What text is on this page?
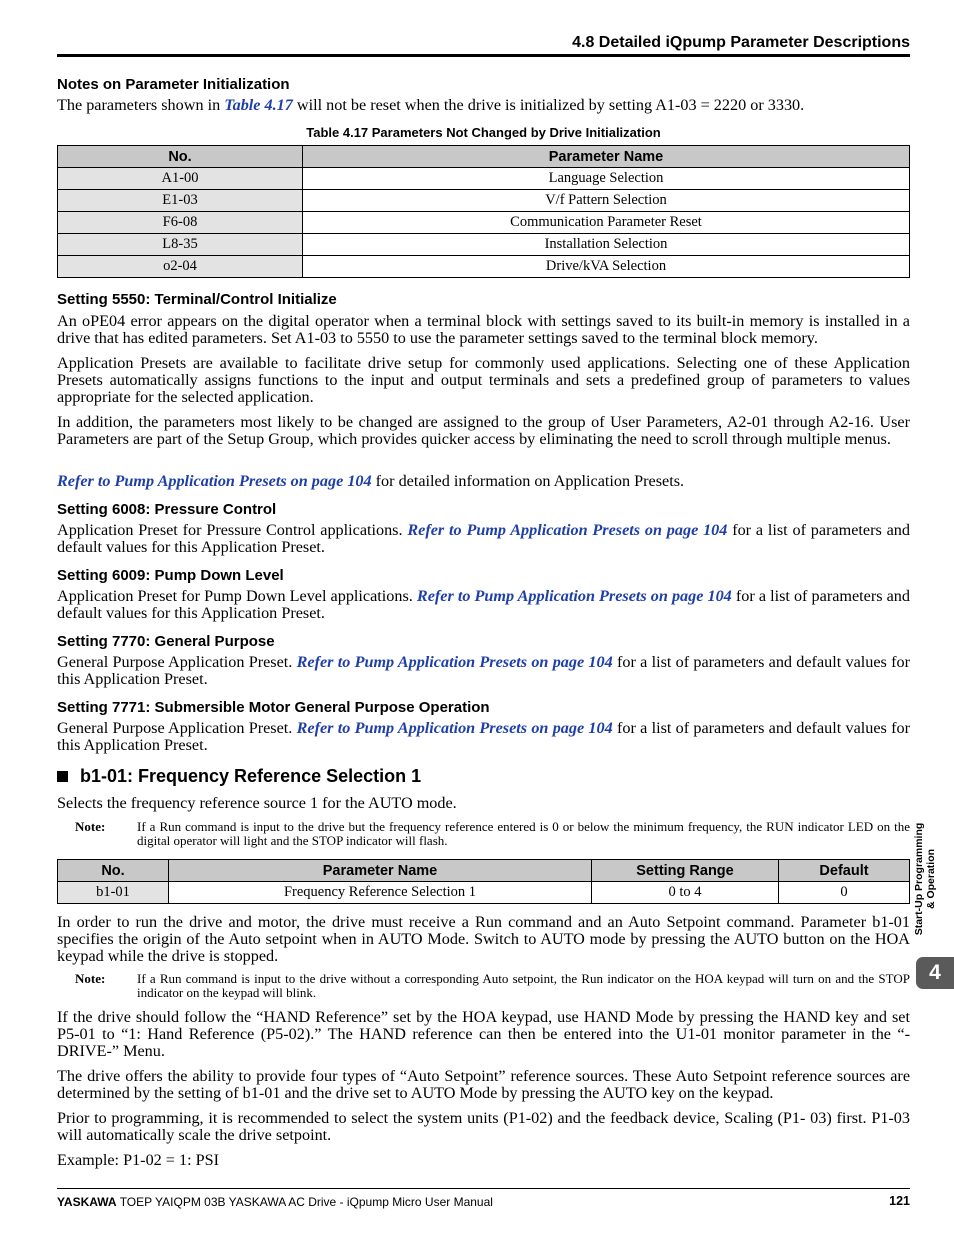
4.8 Detailed iQpump Parameter Descriptions
Notes on Parameter Initialization
The parameters shown in Table 4.17 will not be reset when the drive is initialized by setting A1-03 = 2220 or 3330.
Table 4.17 Parameters Not Changed by Drive Initialization
No.	Parameter Name
A1-00	Language Selection
E1-03	V/f Pattern Selection
F6-08	Communication Parameter Reset
L8-35	Installation Selection
o2-04	Drive/kVA Selection
Setting 5550: Terminal/Control Initialize
An oPE04 error appears on the digital operator when a terminal block with settings saved to its built-in memory is installed in a drive that has edited parameters. Set A1-03 to 5550 to use the parameter settings saved to the terminal block memory.
Application Presets are available to facilitate drive setup for commonly used applications. Selecting one of these Application Presets automatically assigns functions to the input and output terminals and sets a predefined group of parameters to values appropriate for the selected application.
In addition, the parameters most likely to be changed are assigned to the group of User Parameters, A2-01 through A2-16. User Parameters are part of the Setup Group, which provides quicker access by eliminating the need to scroll through multiple menus.
Refer to Pump Application Presets on page 104 for detailed information on Application Presets.
Setting 6008: Pressure Control
Application Preset for Pressure Control applications. Refer to Pump Application Presets on page 104 for a list of parameters and default values for this Application Preset.
Setting 6009: Pump Down Level
Application Preset for Pump Down Level applications. Refer to Pump Application Presets on page 104 for a list of parameters and default values for this Application Preset.
Setting 7770: General Purpose
General Purpose Application Preset. Refer to Pump Application Presets on page 104 for a list of parameters and default values for this Application Preset.
Setting 7771: Submersible Motor General Purpose Operation
General Purpose Application Preset. Refer to Pump Application Presets on page 104 for a list of parameters and default values for this Application Preset.
b1-01: Frequency Reference Selection 1
Selects the frequency reference source 1 for the AUTO mode.
Note: If a Run command is input to the drive but the frequency reference entered is 0 or below the minimum frequency, the RUN indicator LED on the digital operator will light and the STOP indicator will flash.
No.	Parameter Name	Setting Range	Default
b1-01	Frequency Reference Selection 1	0 to 4	0
In order to run the drive and motor, the drive must receive a Run command and an Auto Setpoint command. Parameter b1-01 specifies the origin of the Auto setpoint when in AUTO Mode. Switch to AUTO mode by pressing the AUTO button on the HOA keypad while the drive is stopped.
Note: If a Run command is input to the drive without a corresponding Auto setpoint, the Run indicator on the HOA keypad will turn on and the STOP indicator on the keypad will blink.
If the drive should follow the “HAND Reference” set by the HOA keypad, use HAND Mode by pressing the HAND key and set P5-01 to “1: Hand Reference (P5-02).” The HAND reference can then be entered into the U1-01 monitor parameter in the “-DRIVE-” Menu.
The drive offers the ability to provide four types of “Auto Setpoint” reference sources. These Auto Setpoint reference sources are determined by the setting of b1-01 and the drive set to AUTO Mode by pressing the AUTO key on the keypad.
Prior to programming, it is recommended to select the system units (P1-02) and the feedback device, Scaling (P1- 03) first. P1-03 will automatically scale the drive setpoint.
Example: P1-02 = 1: PSI
Start-Up Programming & Operation
4
YASKAWA TOEP YAIQPM 03B YASKAWA AC Drive - iQpump Micro User Manual	121
